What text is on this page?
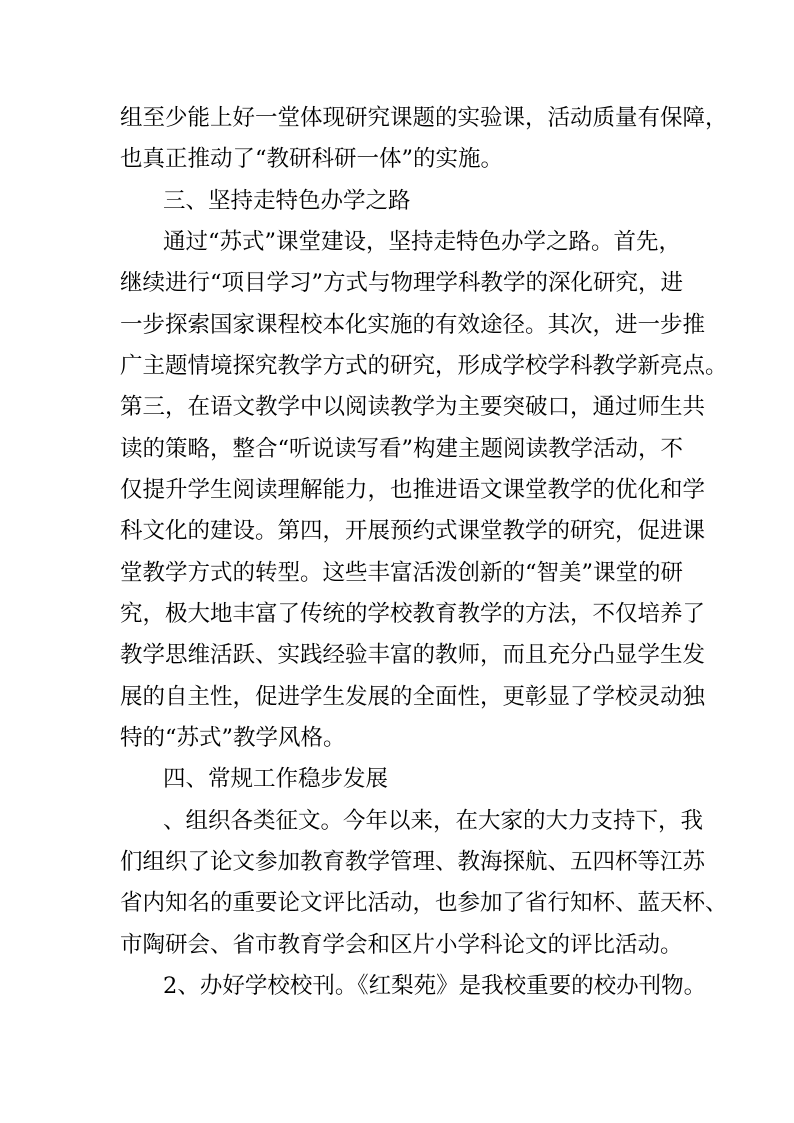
组至少能上好一堂体现研究课题的实验课，活动质量有保障，
也真正推动了“教研科研一体”的实施。
三、坚持走特色办学之路
通过“苏式”课堂建设，坚持走特色办学之路。首先，
继续进行“项目学习”方式与物理学科教学的深化研究，进
一步探索国家课程校本化实施的有效途径。其次，进一步推
广主题情境探究教学方式的研究，形成学校学科教学新亮点。
第三，在语文教学中以阅读教学为主要突破口，通过师生共
读的策略，整合“听说读写看”构建主题阅读教学活动，不
仅提升学生阅读理解能力，也推进语文课堂教学的优化和学
科文化的建设。第四，开展预约式课堂教学的研究，促进课
堂教学方式的转型。这些丰富活泼创新的“智美”课堂的研
究，极大地丰富了传统的学校教育教学的方法，不仅培养了
教学思维活跃、实践经验丰富的教师，而且充分凸显学生发
展的自主性，促进学生发展的全面性，更彰显了学校灵动独
特的“苏式”教学风格。
四、常规工作稳步发展
、组织各类征文。今年以来，在大家的大力支持下，我
们组织了论文参加教育教学管理、教海探航、五四杯等江苏
省内知名的重要论文评比活动，也参加了省行知杯、蓝天杯、
市陶研会、省市教育学会和区片小学科论文的评比活动。
2、办好学校校刊。《红梨苑》是我校重要的校办刊物。
